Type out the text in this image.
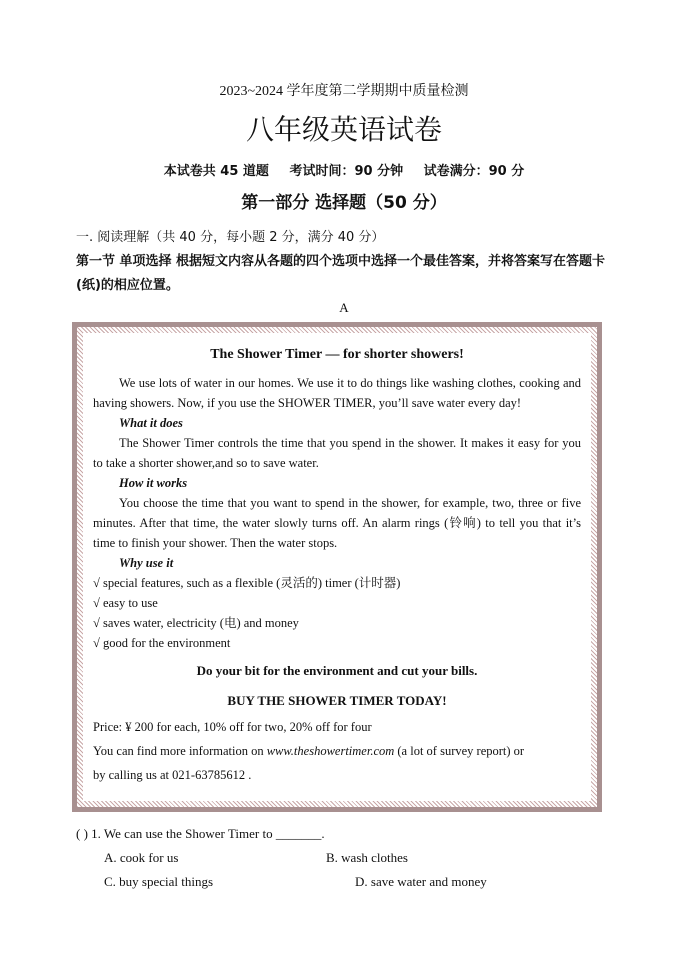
2023~2024 学年度第二学期期中质量检测
八年级英语试卷
本试卷共 45 道题 考试时间：90 分钟 试卷满分：90 分
第一部分 选择题（50 分）
一. 阅读理解（共 40 分，每小题 2 分，满分 40 分）
第一节 单项选择 根据短文内容从各题的四个选项中选择一个最佳答案，并将答案写在答题卡(纸)的相应位置。
A
The Shower Timer — for shorter showers!

We use lots of water in our homes. We use it to do things like washing clothes, cooking and having showers. Now, if you use the SHOWER TIMER, you’ll save water every day!

What it does

The Shower Timer controls the time that you spend in the shower. It makes it easy for you to take a shorter shower,and so to save water.

How it works

You choose the time that you want to spend in the shower, for example, two, three or five minutes. After that time, the water slowly turns off. An alarm rings (铃响) to tell you that it’s time to finish your shower. Then the water stops.

Why use it
√ special features, such as a flexible (灵活的) timer (计时器)
√ easy to use
√ saves water, electricity (电) and money
√ good for the environment
Do your bit for the environment and cut your bills.
BUY THE SHOWER TIMER TODAY!
Price: ¥ 200 for each, 10% off for two, 20% off for four
You can find more information on www.theshowertimer.com (a lot of survey report) or
by calling us at 021-63785612 .
( ) 1. We can use the Shower Timer to _______.
A. cook for us	B. wash clothes
C. buy special things	D. save water and money
